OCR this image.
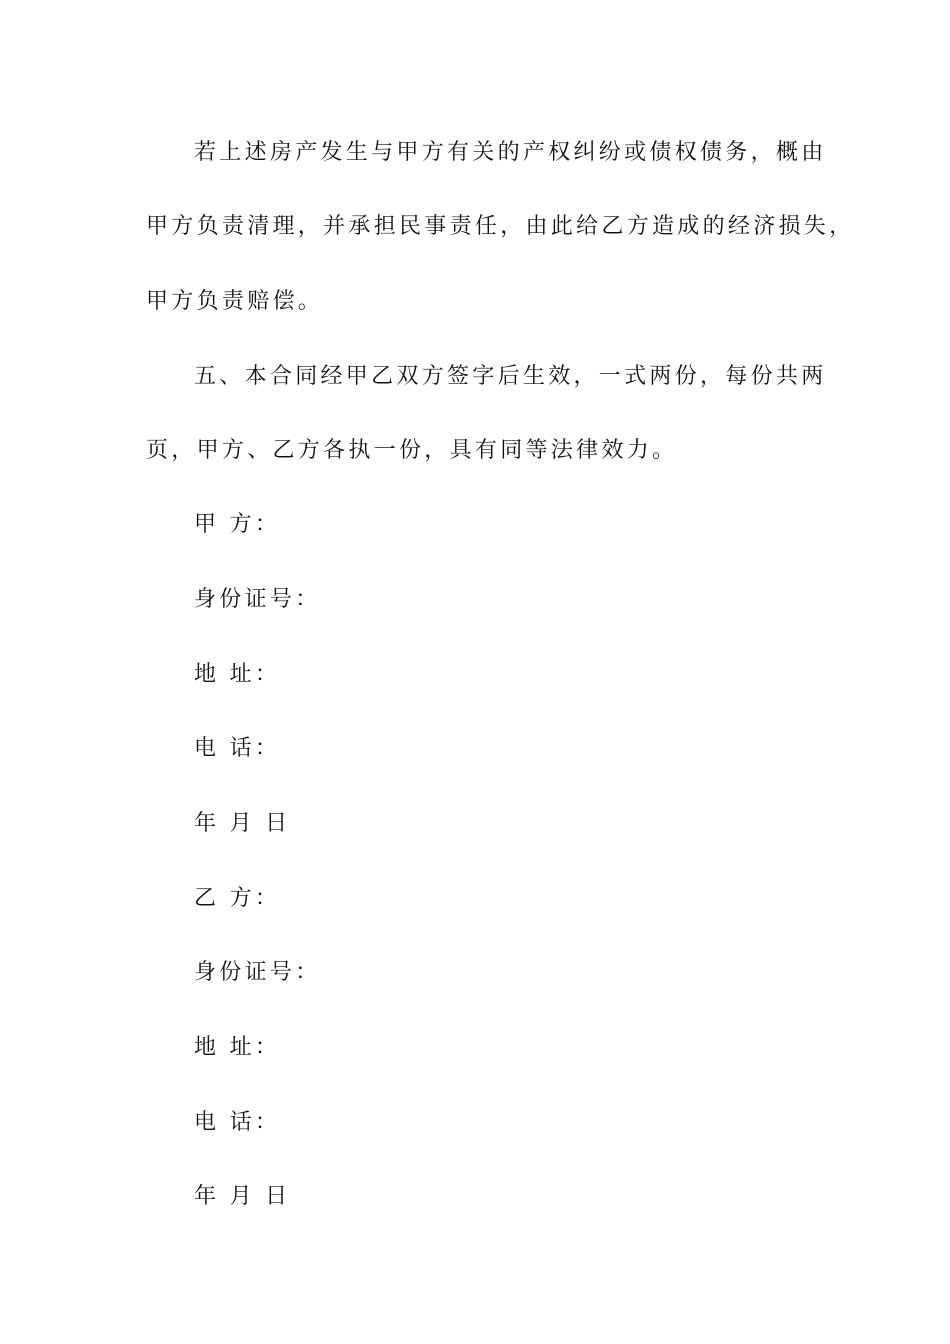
若上述房产发生与甲方有关的产权纠纷或债权债务，概由
甲方负责清理，并承担民事责任，由此给乙方造成的经济损失，
甲方负责赔偿。
五、本合同经甲乙双方签字后生效，一式两份，每份共两
页，甲方、乙方各执一份，具有同等法律效力。
甲 方：
身份证号：
地 址：
电 话：
年 月 日
乙 方：
身份证号：
地 址：
电 话：
年 月 日
